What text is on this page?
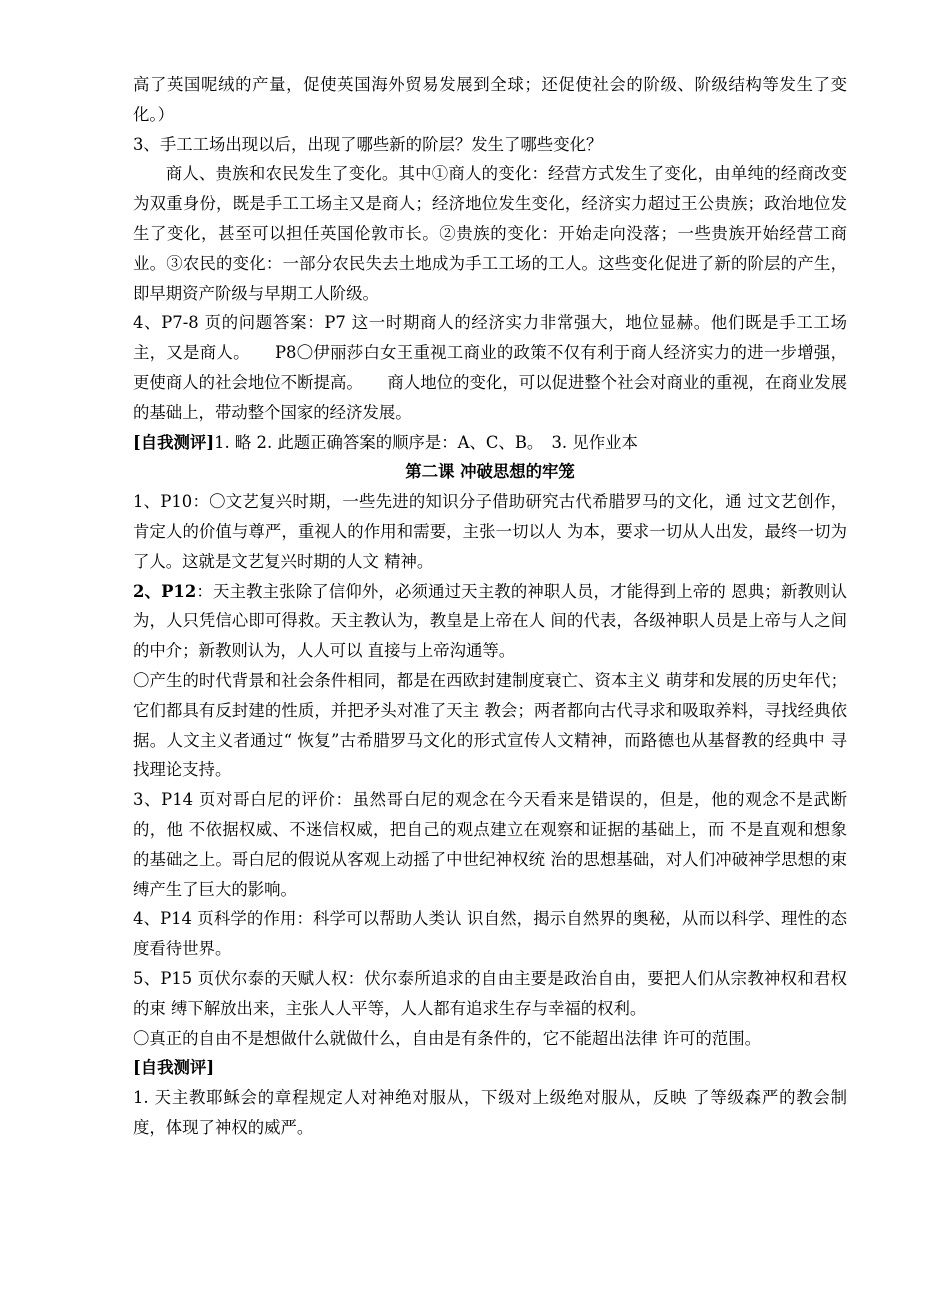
高了英国呢绒的产量，促使英国海外贸易发展到全球；还促使社会的阶级、阶级结构等发生了变化。）

3、手工工场出现以后，出现了哪些新的阶层？发生了哪些变化？

商人、贵族和农民发生了变化。其中①商人的变化：经营方式发生了变化，由单纯的经商改变为双重身份，既是手工工场主又是商人；经济地位发生变化，经济实力超过王公贵族；政治地位发生了变化，甚至可以担任英国伦敦市长。②贵族的变化：开始走向没落；一些贵族开始经营工商业。③农民的变化：一部分农民失去土地成为手工工场的工人。这些变化促进了新的阶层的产生，即早期资产阶级与早期工人阶级。

4、P7-8 页的问题答案：P7 这一时期商人的经济实力非常强大，地位显赫。他们既是手工工场主，又是商人。　　P8〇伊丽莎白女王重视工商业的政策不仅有利于商人经济实力的进一步增强，更使商人的社会地位不断提高。　　商人地位的变化，可以促进整个社会对商业的重视，在商业发展的基础上，带动整个国家的经济发展。

[自我测评]1. 略 2. 此题正确答案的顺序是：A、C、B。　3. 见作业本

第二课 冲破思想的牢笼

1、P10：〇文艺复兴时期，一些先进的知识分子借助研究古代希腊罗马的文化，通 过文艺创作，肯定人的价值与尊严，重视人的作用和需要，主张一切以人 为本，要求一切从人出发，最终一切为了人。这就是文艺复兴时期的人文 精神。

2、P12：天主教主张除了信仰外，必须通过天主教的神职人员，才能得到上帝的 恩典；新教则认为，人只凭信心即可得救。天主教认为，教皇是上帝在人 间的代表，各级神职人员是上帝与人之间的中介；新教则认为，人人可以 直接与上帝沟通等。

〇产生的时代背景和社会条件相同，都是在西欧封建制度衰亡、资本主义 萌芽和发展的历史年代；它们都具有反封建的性质，并把矛头对准了天主 教会；两者都向古代寻求和吸取养料，寻找经典依据。人文主义者通过“ 恢复”古希腊罗马文化的形式宣传人文精神，而路德也从基督教的经典中 寻找理论支持。

3、P14 页对哥白尼的评价：虽然哥白尼的观念在今天看来是错误的，但是，他的观念不是武断的，他 不依据权威、不迷信权威，把自己的观点建立在观察和证据的基础上，而 不是直观和想象的基础之上。哥白尼的假说从客观上动摇了中世纪神权统 治的思想基础，对人们冲破神学思想的束缚产生了巨大的影响。

4、P14 页科学的作用：科学可以帮助人类认 识自然，揭示自然界的奥秘，从而以科学、理性的态度看待世界。

5、P15 页伏尔泰的天赋人权：伏尔泰所追求的自由主要是政治自由，要把人们从宗教神权和君权的束 缚下解放出来，主张人人平等，人人都有追求生存与幸福的权利。

〇真正的自由不是想做什么就做什么，自由是有条件的，它不能超出法律 许可的范围。

[自我测评]

1. 天主教耶稣会的章程规定人对神绝对服从，下级对上级绝对服从，反映 了等级森严的教会制度，体现了神权的威严。
